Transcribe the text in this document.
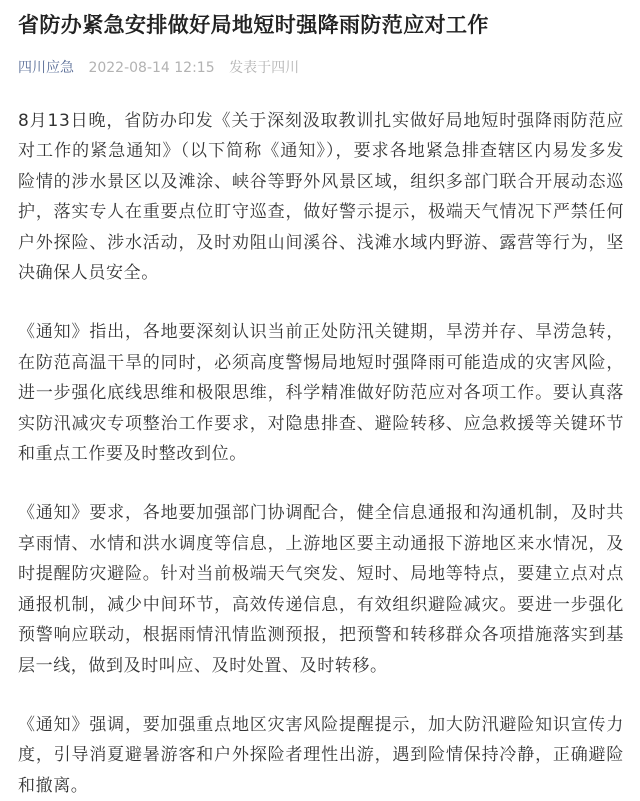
省防办紧急安排做好局地短时强降雨防范应对工作
四川应急 2022-08-14 12:15 发表于四川

8月13日晚，省防办印发《关于深刻汲取教训扎实做好局地短时强降雨防范应对工作的紧急通知》（以下简称《通知》），要求各地紧急排查辖区内易发多发险情的涉水景区以及滩涂、峡谷等野外风景区域，组织多部门联合开展动态巡护，落实专人在重要点位盯守巡查，做好警示提示，极端天气情况下严禁任何户外探险、涉水活动，及时劝阻山间溪谷、浅滩水域内野游、露营等行为，坚决确保人员安全。

《通知》指出，各地要深刻认识当前正处防汛关键期，旱涝并存、旱涝急转，在防范高温干旱的同时，必须高度警惕局地短时强降雨可能造成的灾害风险，进一步强化底线思维和极限思维，科学精准做好防范应对各项工作。要认真落实防汛减灾专项整治工作要求，对隐患排查、避险转移、应急救援等关键环节和重点工作要及时整改到位。

《通知》要求，各地要加强部门协调配合，健全信息通报和沟通机制，及时共享雨情、水情和洪水调度等信息，上游地区要主动通报下游地区来水情况，及时提醒防灾避险。针对当前极端天气突发、短时、局地等特点，要建立点对点通报机制，减少中间环节，高效传递信息，有效组织避险减灾。要进一步强化预警响应联动，根据雨情汛情监测预报，把预警和转移群众各项措施落实到基层一线，做到及时叫应、及时处置、及时转移。

《通知》强调，要加强重点地区灾害风险提醒提示，加大防汛避险知识宣传力度，引导消夏避暑游客和户外探险者理性出游，遇到险情保持冷静，正确避险和撤离。
